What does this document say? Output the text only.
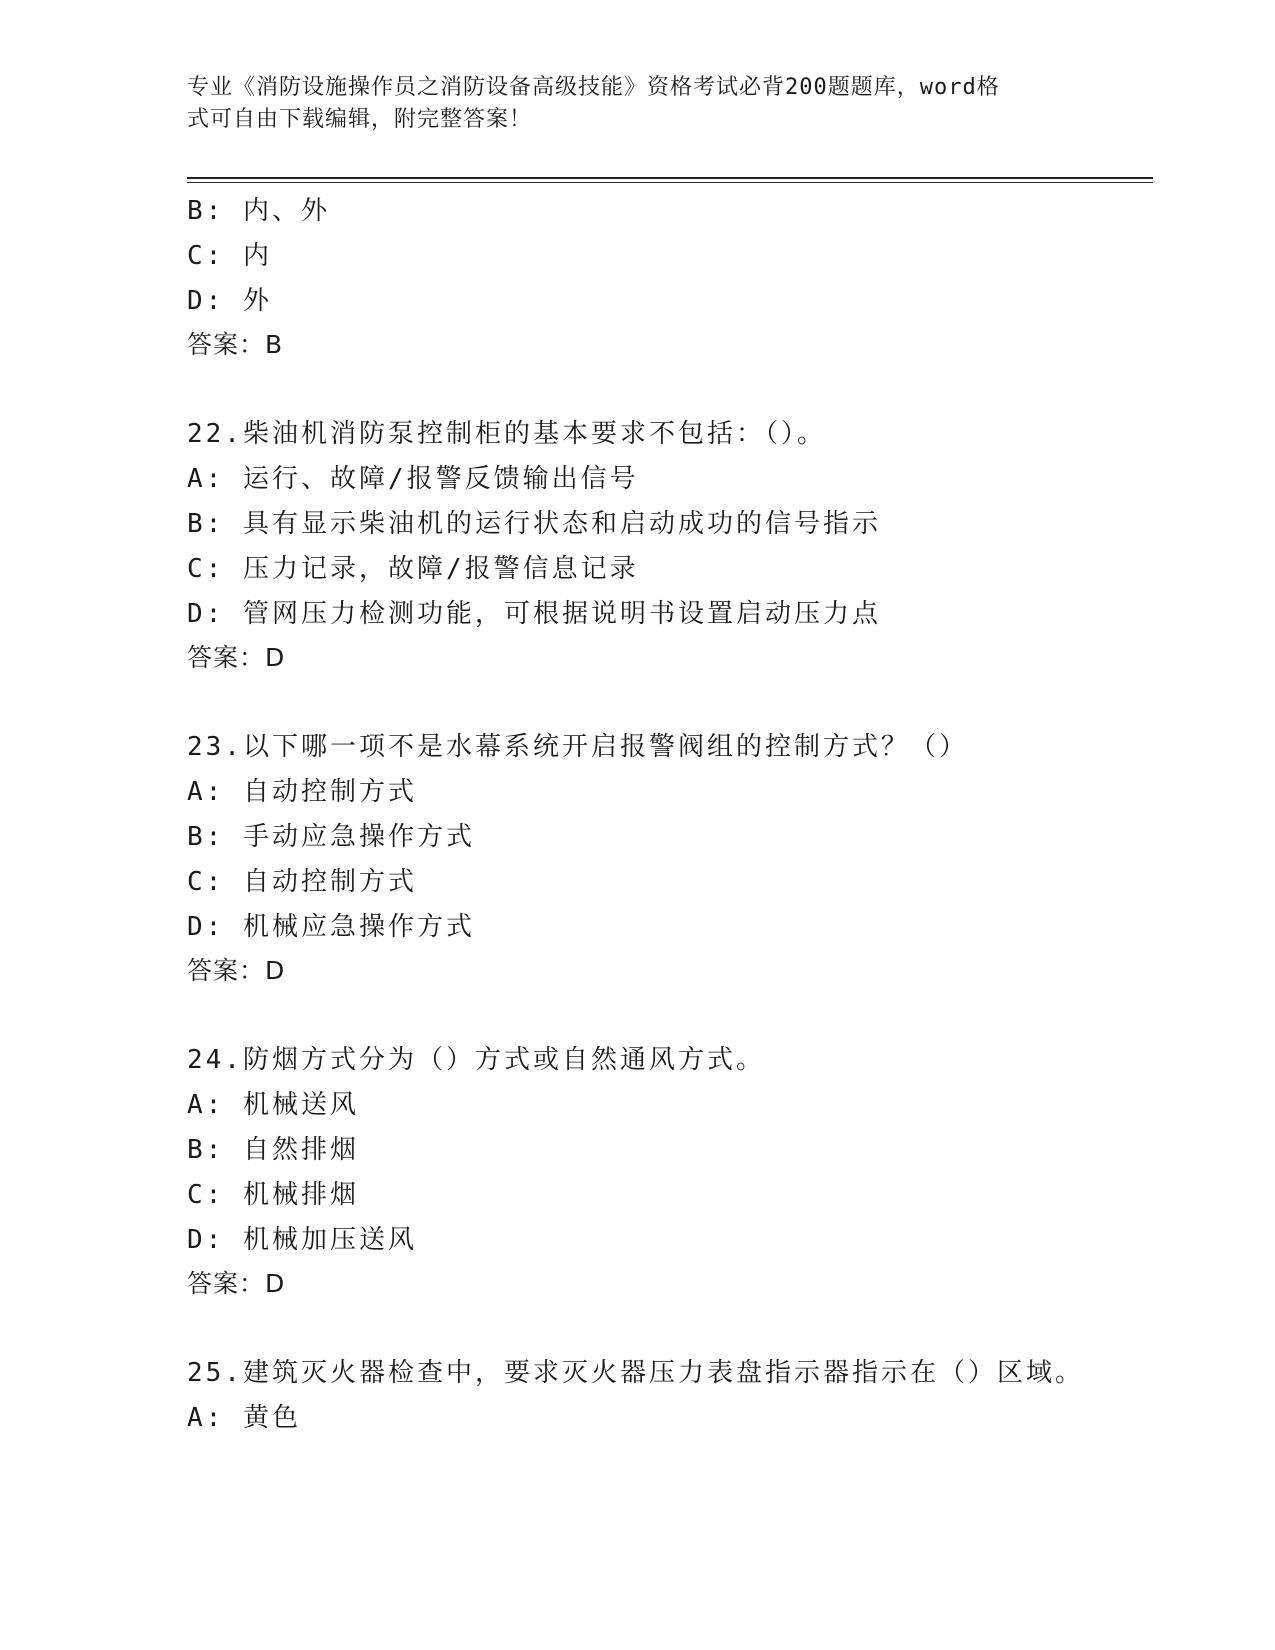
专业《消防设施操作员之消防设备高级技能》资格考试必背200题题库，word格
式可自由下载编辑，附完整答案！
B: 内、外
C: 内
D: 外
答案：B
22.柴油机消防泵控制柜的基本要求不包括：（）。
A: 运行、故障/报警反馈输出信号
B: 具有显示柴油机的运行状态和启动成功的信号指示
C: 压力记录，故障/报警信息记录
D: 管网压力检测功能，可根据说明书设置启动压力点
答案：D
23.以下哪一项不是水幕系统开启报警阀组的控制方式？（）
A: 自动控制方式
B: 手动应急操作方式
C: 自动控制方式
D: 机械应急操作方式
答案：D
24.防烟方式分为（）方式或自然通风方式。
A: 机械送风
B: 自然排烟
C: 机械排烟
D: 机械加压送风
答案：D
25.建筑灭火器检查中，要求灭火器压力表盘指示器指示在（）区域。
A: 黄色
